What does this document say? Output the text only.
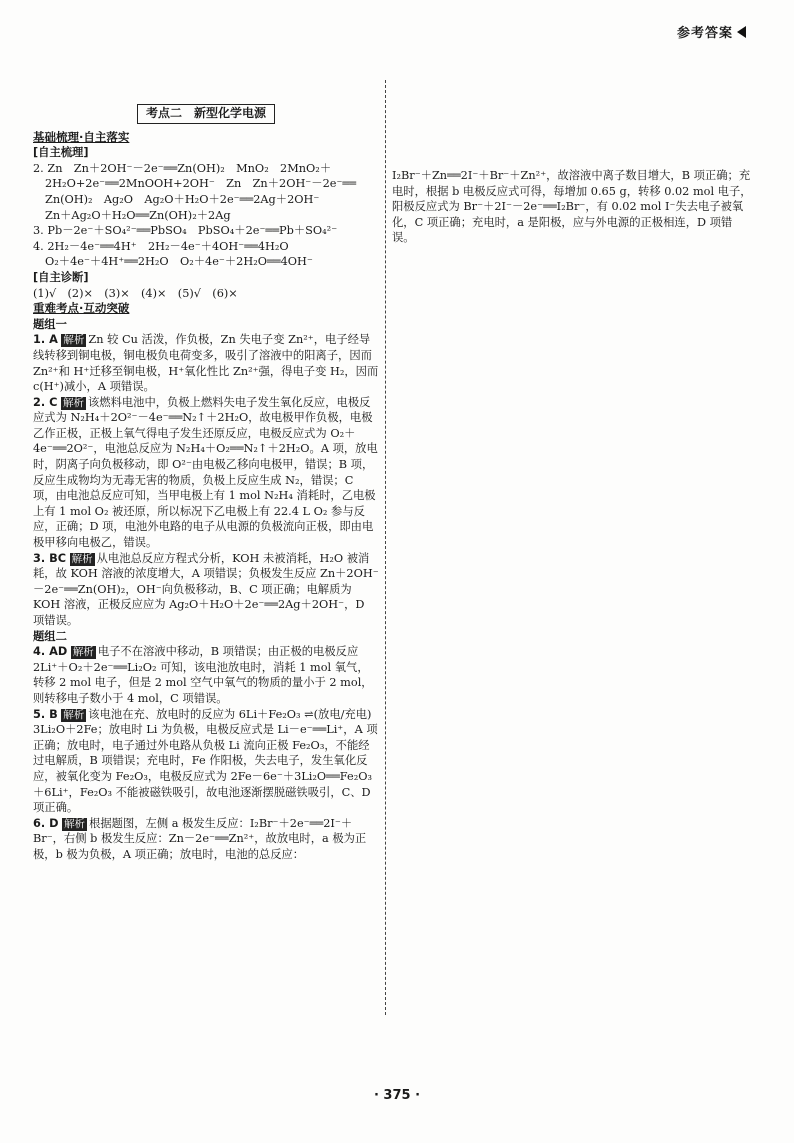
参考答案
考点二　新型化学电源
基础梳理·自主落实
[自主梳理]
2. Zn　Zn＋2OH⁻－2e⁻══Zn(OH)₂　MnO₂　2MnO₂＋
2H₂O+2e⁻══2MnOOH+2OH⁻　Zn　Zn＋2OH⁻－2e⁻══
Zn(OH)₂　Ag₂O　Ag₂O＋H₂O＋2e⁻══2Ag＋2OH⁻
Zn＋Ag₂O＋H₂O══Zn(OH)₂＋2Ag
3. Pb－2e⁻＋SO₄²⁻══PbSO₄　PbSO₄＋2e⁻══Pb＋SO₄²⁻
4. 2H₂－4e⁻══4H⁺　2H₂－4e⁻＋4OH⁻══4H₂O
O₂＋4e⁻＋4H⁺══2H₂O　O₂＋4e⁻＋2H₂O══4OH⁻
[自主诊断]
(1)√　(2)×　(3)×　(4)×　(5)√　(6)×
重难考点·互动突破
题组一

1. A 解析 Zn 较 Cu 活泼，作负极，Zn 失电子变 Zn²⁺，电子经导线转移到铜电极，铜电极负电荷变多，吸引了溶液中的阳离子，因而 Zn²⁺和 H⁺迁移至铜电极，H⁺氧化性比 Zn²⁺强，得电子变 H₂，因而 c(H⁺)减小，A 项错误。

2. C 解析 该燃料电池中，负极上燃料失电子发生氧化反应，电极反应式为 N₂H₄＋2O²⁻－4e⁻══N₂↑＋2H₂O，故电极甲作负极，电极乙作正极，正极上氧气得电子发生还原反应，电极反应式为 O₂＋4e⁻══2O²⁻，电池总反应为 N₂H₄＋O₂══N₂↑＋2H₂O。A 项，放电时，阴离子向负极移动，即 O²⁻由电极乙移向电极甲，错误；B 项，反应生成物均为无毒无害的物质，负极上反应生成 N₂，错误；C 项，由电池总反应可知，当甲电极上有 1 mol N₂H₄ 消耗时，乙电极上有 1 mol O₂ 被还原，所以标况下乙电极上有 22.4 L O₂ 参与反应，正确；D 项，电池外电路的电子从电源的负极流向正极，即由电极甲移向电极乙，错误。

3. BC 解析 从电池总反应方程式分析，KOH 未被消耗，H₂O 被消耗，故 KOH 溶液的浓度增大，A 项错误；负极发生反应 Zn＋2OH⁻－2e⁻══Zn(OH)₂，OH⁻向负极移动，B、C 项正确；电解质为 KOH 溶液，正极反应应为 Ag₂O＋H₂O＋2e⁻══2Ag＋2OH⁻，D 项错误。

题组二

4. AD 解析 电子不在溶液中移动，B 项错误；由正极的电极反应 2Li⁺＋O₂＋2e⁻══Li₂O₂ 可知，该电池放电时，消耗 1 mol 氧气，转移 2 mol 电子，但是 2 mol 空气中氧气的物质的量小于 2 mol，则转移电子数小于 4 mol，C 项错误。

5. B 解析 该电池在充、放电时的反应为 6Li＋Fe₂O₃ ⇌(放电/充电) 3Li₂O＋2Fe；放电时 Li 为负极，电极反应式是 Li－e⁻══Li⁺，A 项正确；放电时，电子通过外电路从负极 Li 流向正极 Fe₂O₃，不能经过电解质，B 项错误；充电时，Fe 作阳极，失去电子，发生氧化反应，被氧化变为 Fe₂O₃，电极反应式为 2Fe－6e⁻＋3Li₂O══Fe₂O₃＋6Li⁺，Fe₂O₃ 不能被磁铁吸引，故电池逐渐摆脱磁铁吸引，C、D 项正确。

6. D 解析 根据题图，左侧 a 极发生反应：I₂Br⁻＋2e⁻══2I⁻＋Br⁻，右侧 b 极发生反应：Zn－2e⁻══Zn²⁺，故放电时，a 极为正极，b 极为负极，A 项正确；放电时，电池的总反应：

I₂Br⁻＋Zn══2I⁻＋Br⁻＋Zn²⁺，故溶液中离子数目增大，B 项正确；充电时，根据 b 电极反应式可得，每增加 0.65 g，转移 0.02 mol 电子，阳极反应式为 Br⁻＋2I⁻－2e⁻══I₂Br⁻，有 0.02 mol I⁻失去电子被氧化，C 项正确；充电时，a 是阳极，应与外电源的正极相连，D 项错误。

· 375 ·
